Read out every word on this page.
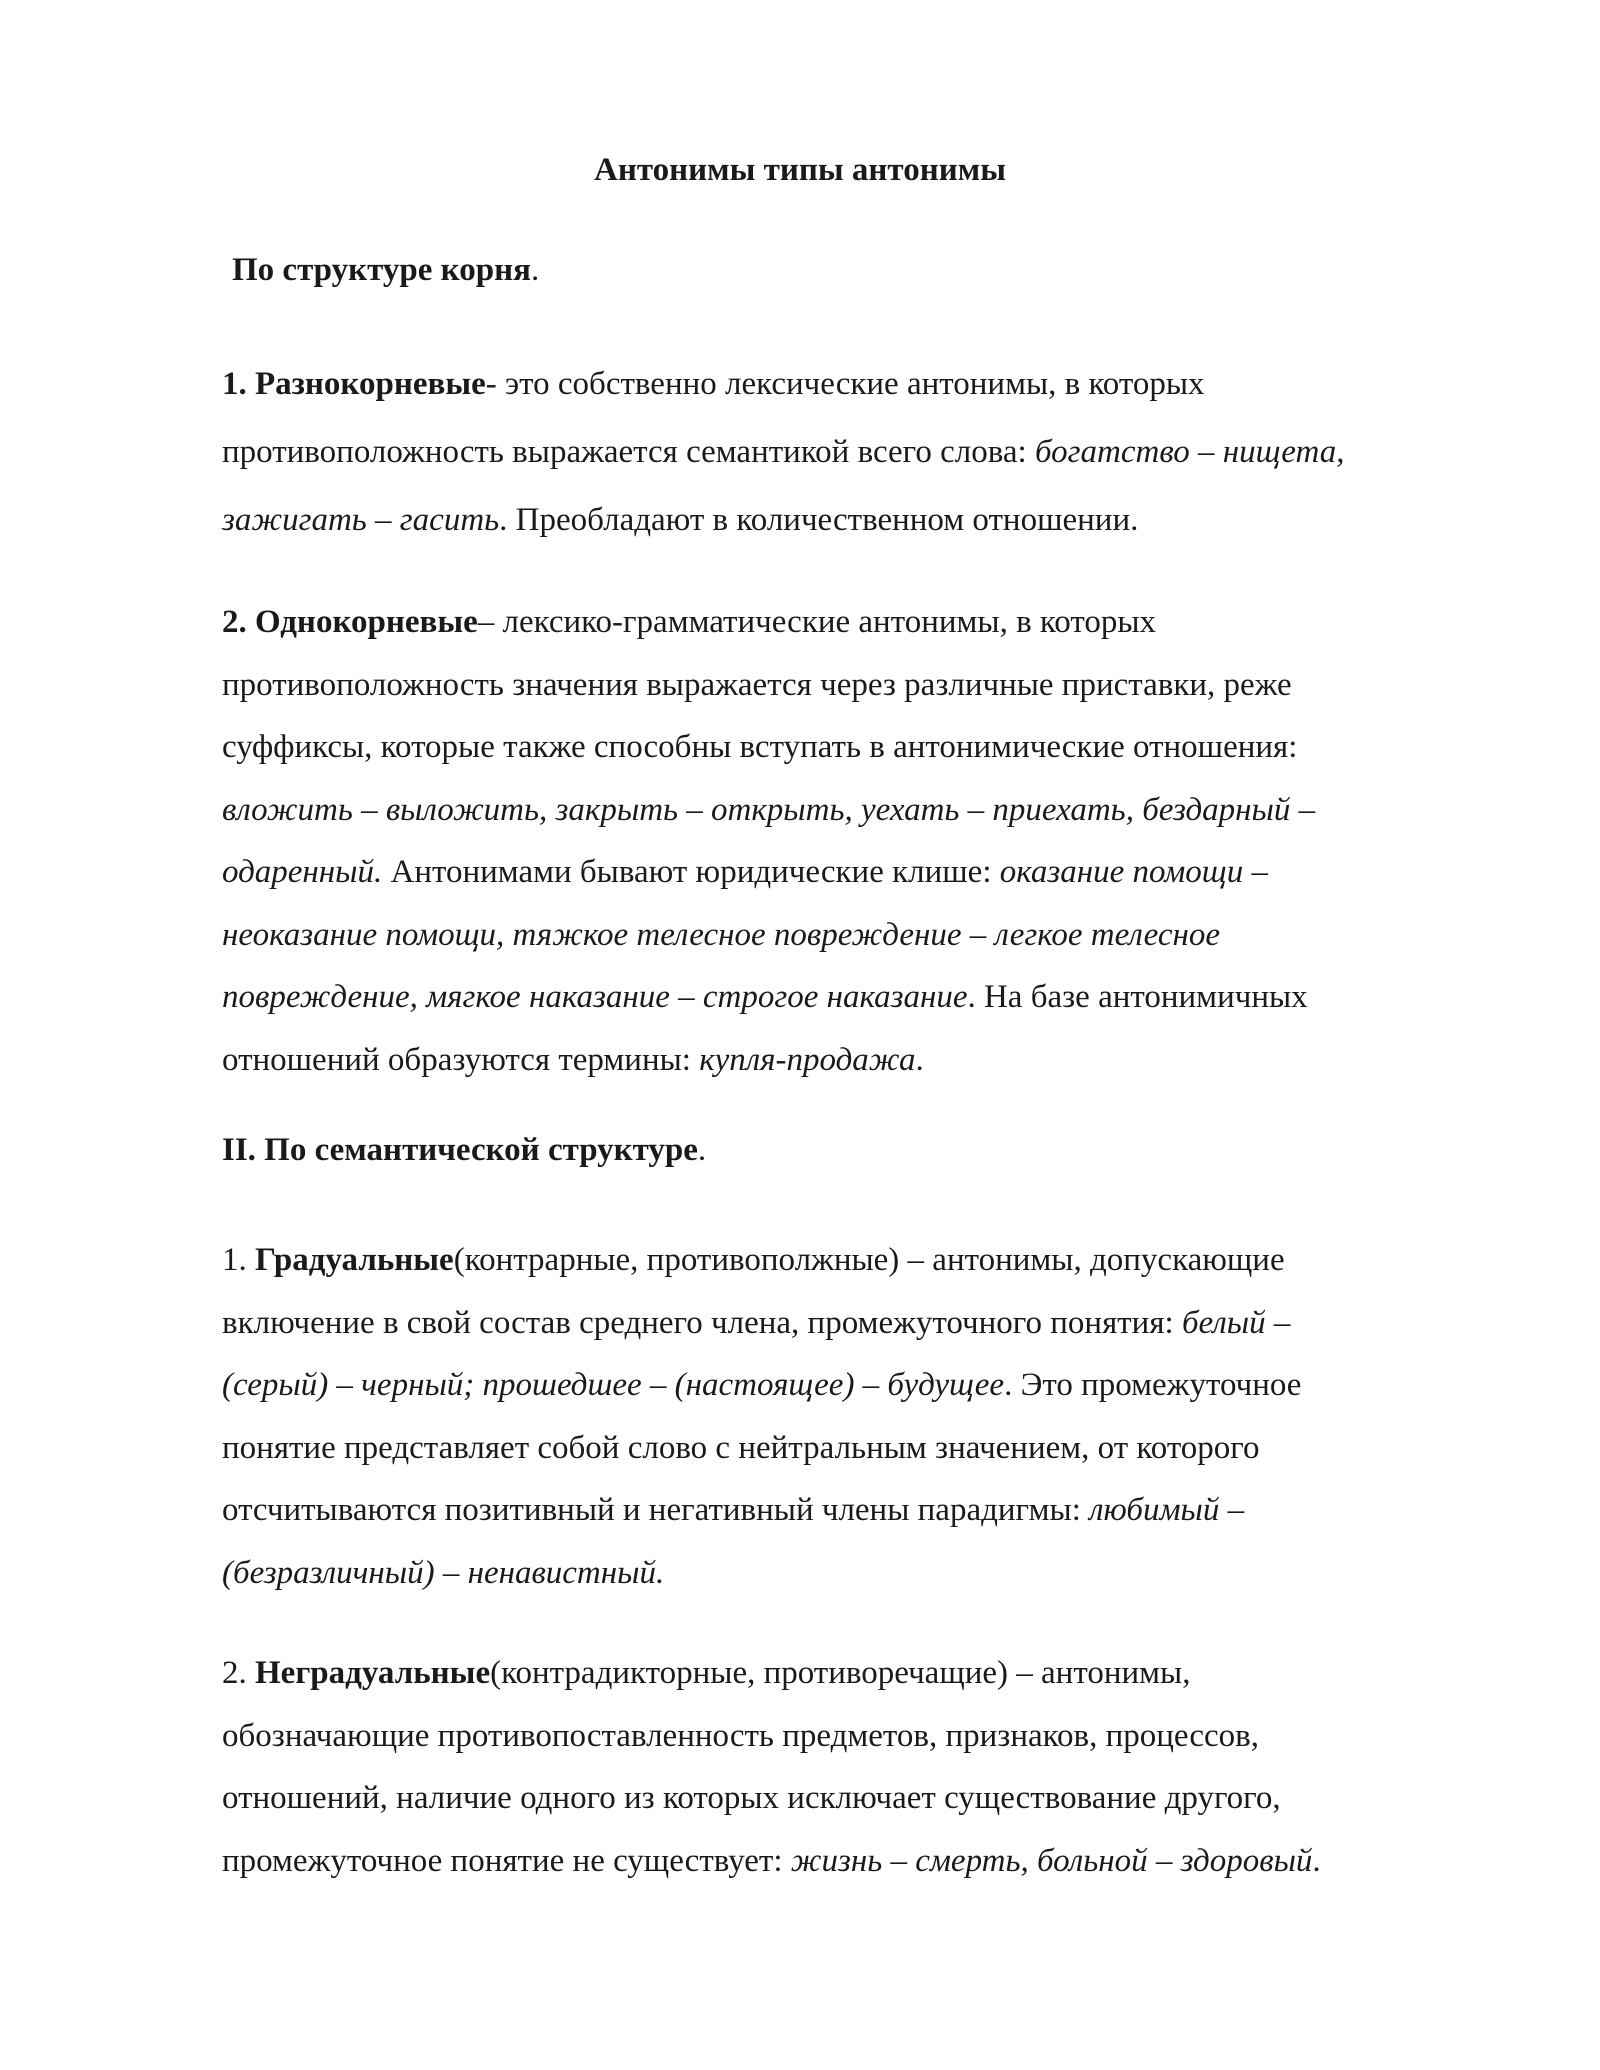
Антонимы типы антонимы

По структуре корня.

1. Разнокорневые- это собственно лексические антонимы, в которых
противоположность выражается семантикой всего слова: богатство – нищета,
зажигать – гасить. Преобладают в количественном отношении.
2. Однокорневые– лексико-грамматические антонимы, в которых
противоположность значения выражается через различные приставки, реже
суффиксы, которые также способны вступать в антонимические отношения:
вложить – выложить, закрыть – открыть, уехать – приехать, бездарный –
одаренный. Антонимами бывают юридические клише: оказание помощи –
неоказание помощи, тяжкое телесное повреждение – легкое телесное
повреждение, мягкое наказание – строгое наказание. На базе антонимичных
отношений образуются термины: купля-продажа.

II. По семантической структуре.

1. Градуальные(контрарные, противополжные) – антонимы, допускающие
включение в свой состав среднего члена, промежуточного понятия: белый –
(серый) – черный; прошедшее – (настоящее) – будущее. Это промежуточное
понятие представляет собой слово с нейтральным значением, от которого
отсчитываются позитивный и негативный члены парадигмы: любимый –
(безразличный) – ненавистный.
2. Неградуальные(контрадикторные, противоречащие) – антонимы,
обозначающие противопоставленность предметов, признаков, процессов,
отношений, наличие одного из которых исключает существование другого,
промежуточное понятие не существует: жизнь – смерть, больной – здоровый.
